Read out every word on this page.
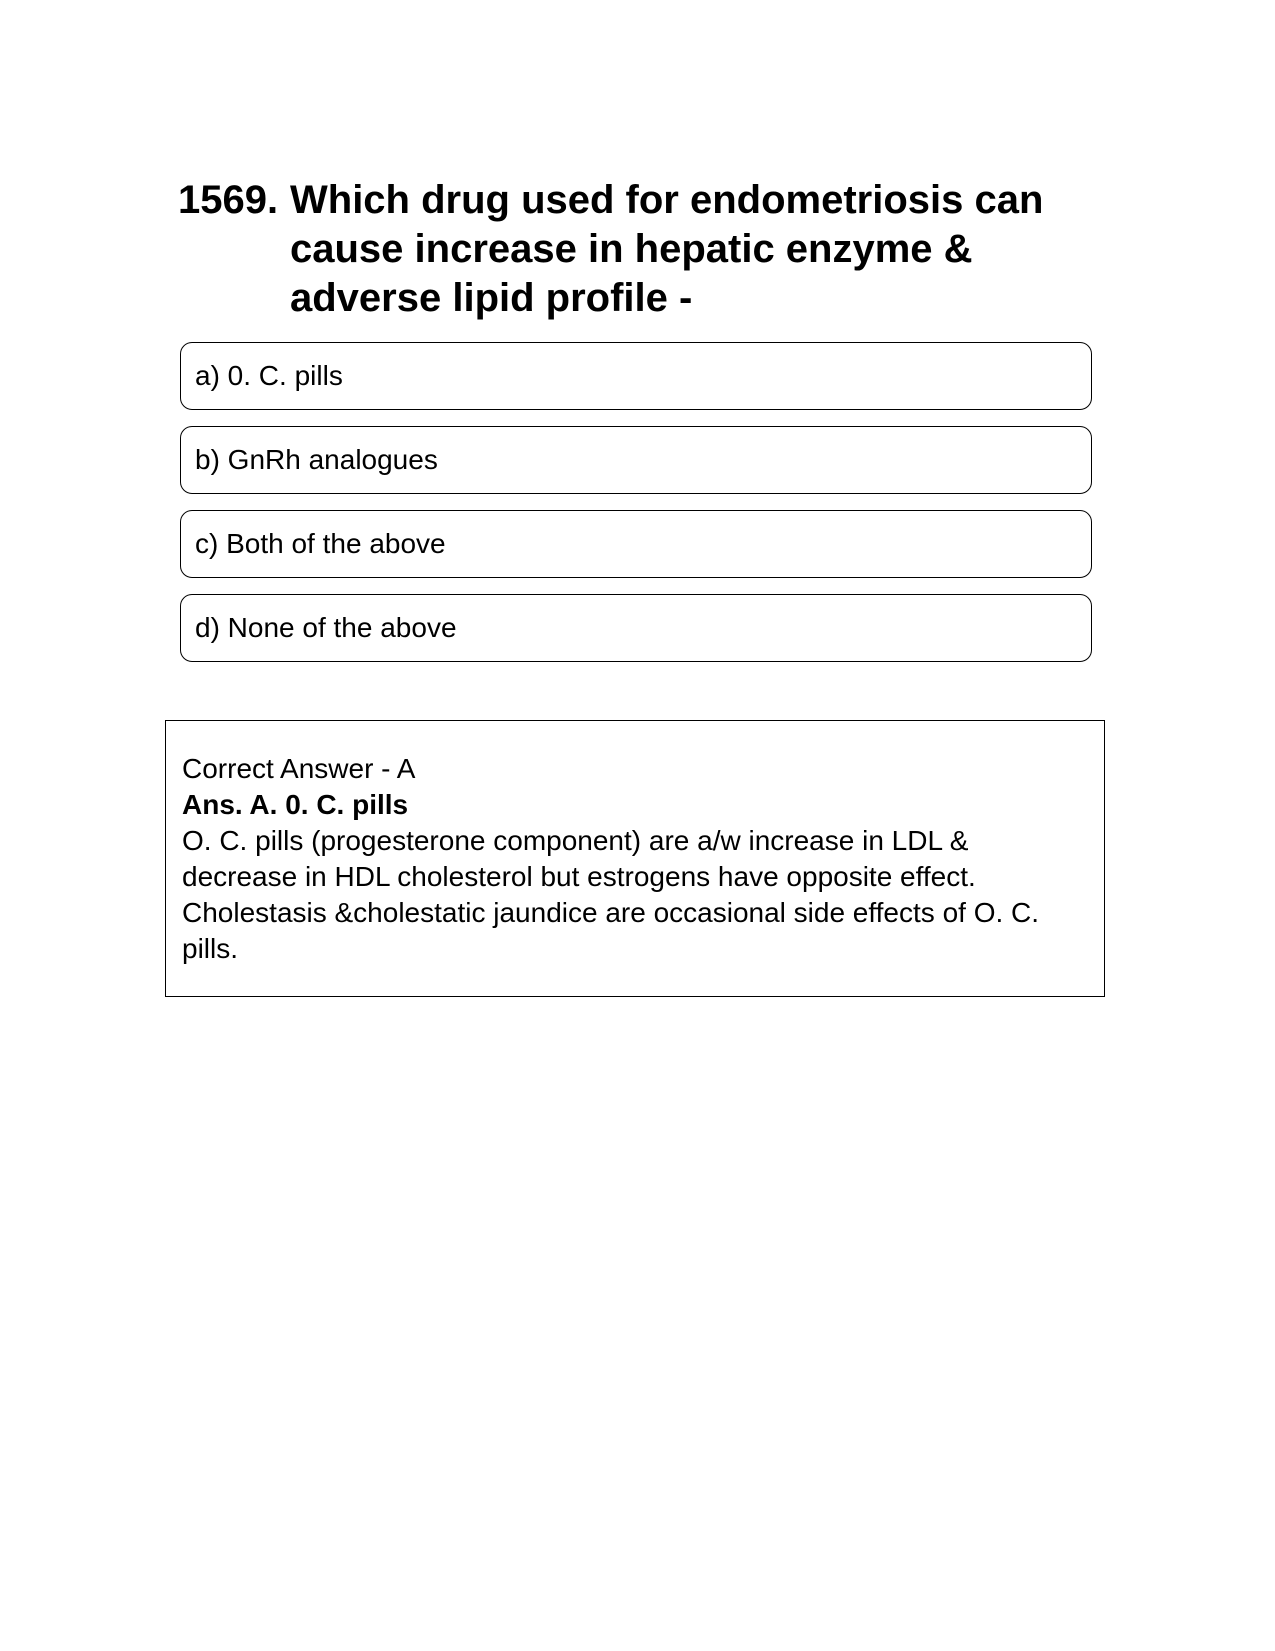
1569. Which drug used for endometriosis can cause increase in hepatic enzyme & adverse lipid profile -
a) 0. C. pills
b) GnRh analogues
c) Both of the above
d) None of the above
Correct Answer - A
Ans. A. 0. C. pills
O. C. pills (progesterone component) are a/w increase in LDL & decrease in HDL cholesterol but estrogens have opposite effect. Cholestasis &cholestatic jaundice are occasional side effects of O. C. pills.
